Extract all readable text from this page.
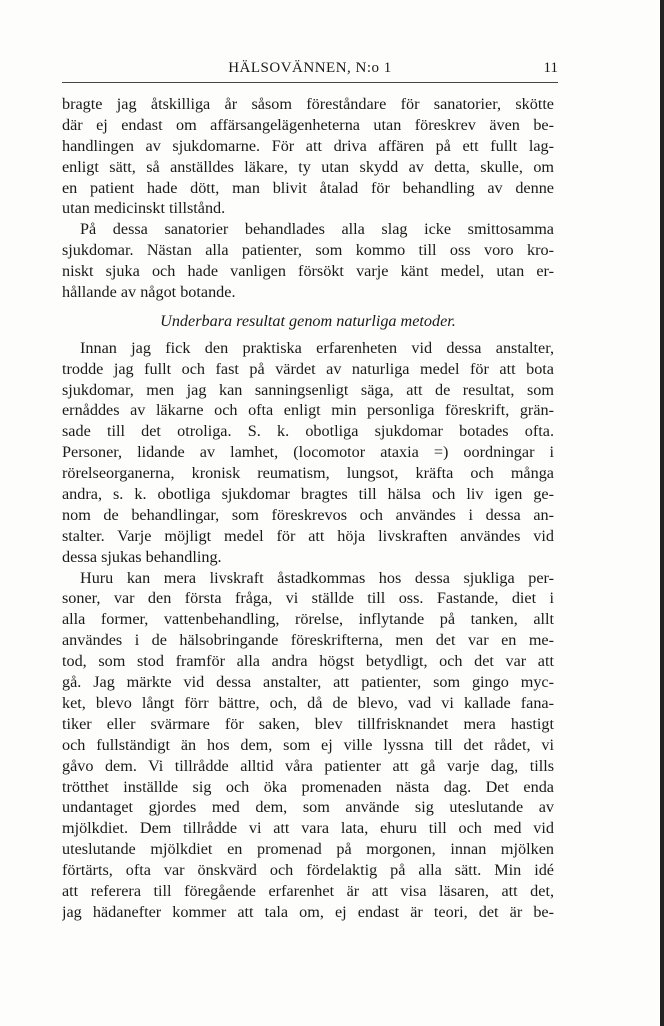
HÄLSOVÄNNEN, N:o 1	11
bragte jag åtskilliga år såsom föreståndare för sanatorier, skötte
där ej endast om affärsangelägenheterna utan föreskrev även be-
handlingen av sjukdomarne. För att driva affären på ett fullt lag-
enligt sätt, så anställdes läkare, ty utan skydd av detta, skulle, om
en patient hade dött, man blivit åtalad för behandling av denne
utan medicinskt tillstånd.
På dessa sanatorier behandlades alla slag icke smittosamma
sjukdomar. Nästan alla patienter, som kommo till oss voro kro-
niskt sjuka och hade vanligen försökt varje känt medel, utan er-
hållande av något botande.
Underbara resultat genom naturliga metoder.
Innan jag fick den praktiska erfarenheten vid dessa anstalter,
trodde jag fullt och fast på värdet av naturliga medel för att bota
sjukdomar, men jag kan sanningsenligt säga, att de resultat, som
ernåddes av läkarne och ofta enligt min personliga föreskrift, grän-
sade till det otroliga. S. k. obotliga sjukdomar botades ofta.
Personer, lidande av lamhet, (locomotor ataxia =) oordningar i
rörelseorganerna, kronisk reumatism, lungsot, kräfta och många
andra, s. k. obotliga sjukdomar bragtes till hälsa och liv igen ge-
nom de behandlingar, som föreskrevos och användes i dessa an-
stalter. Varje möjligt medel för att höja livskraften användes vid
dessa sjukas behandling.
Huru kan mera livskraft åstadkommas hos dessa sjukliga per-
soner, var den första fråga, vi ställde till oss. Fastande, diet i
alla former, vattenbehandling, rörelse, inflytande på tanken, allt
användes i de hälsobringande föreskrifterna, men det var en me-
tod, som stod framför alla andra högst betydligt, och det var att
gå. Jag märkte vid dessa anstalter, att patienter, som gingo myc-
ket, blevo långt förr bättre, och, då de blevo, vad vi kallade fana-
tiker eller svärmare för saken, blev tillfrisknandet mera hastigt
och fullständigt än hos dem, som ej ville lyssna till det rådet, vi
gåvo dem. Vi tillrådde alltid våra patienter att gå varje dag, tills
trötthet inställde sig och öka promenaden nästa dag. Det enda
undantaget gjordes med dem, som använde sig uteslutande av
mjölkdiet. Dem tillrådde vi att vara lata, ehuru till och med vid
uteslutande mjölkdiet en promenad på morgonen, innan mjölken
förtärts, ofta var önskvärd och fördelaktig på alla sätt. Min idé
att referera till föregående erfarenhet är att visa läsaren, att det,
jag hädanefter kommer att tala om, ej endast är teori, det är be-
